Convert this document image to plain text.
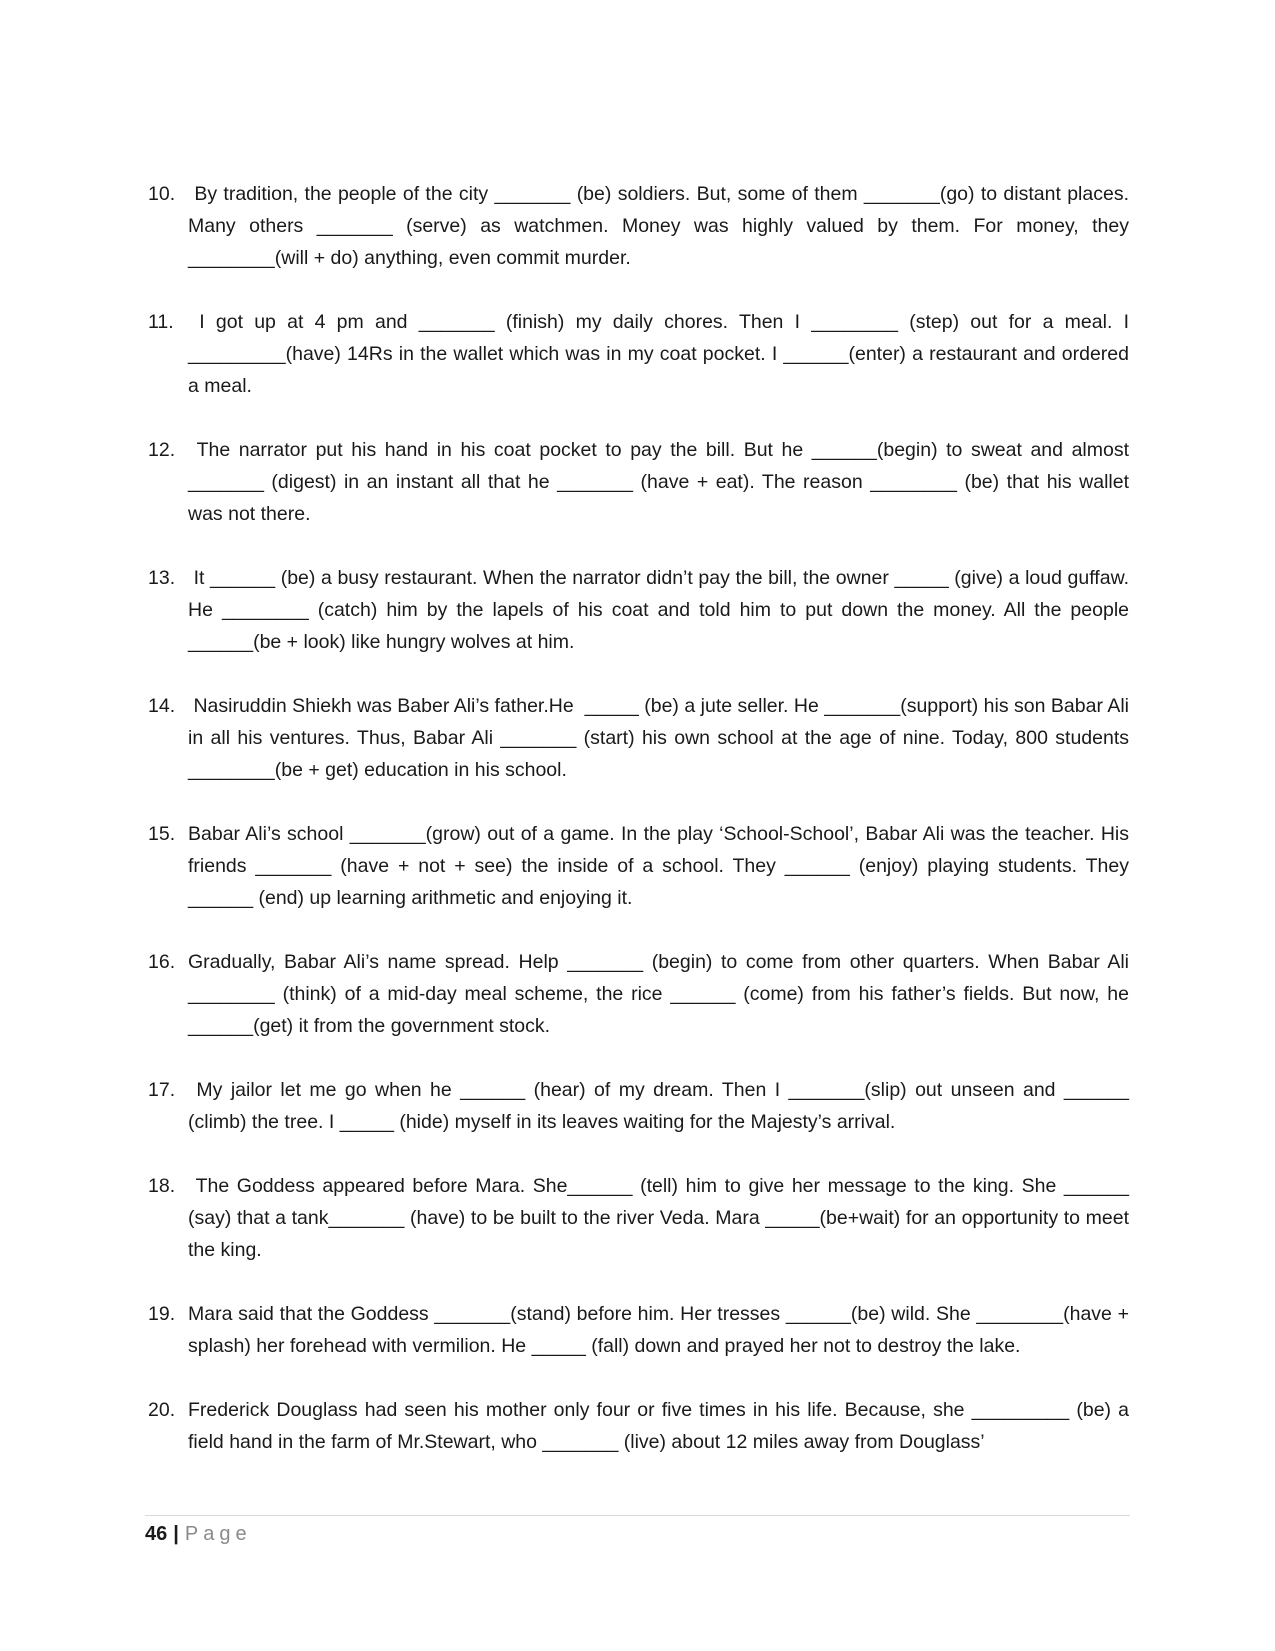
10. By tradition, the people of the city _______ (be) soldiers. But, some of them _______(go) to distant places. Many others _______ (serve) as watchmen. Money was highly valued by them. For money, they ________(will + do) anything, even commit murder.
11. I got up at 4 pm and _______ (finish) my daily chores. Then I ________ (step) out for a meal. I _________(have) 14Rs in the wallet which was in my coat pocket. I ______(enter) a restaurant and ordered a meal.
12. The narrator put his hand in his coat pocket to pay the bill. But he ______(begin) to sweat and almost _______ (digest) in an instant all that he _______ (have + eat). The reason ________ (be) that his wallet was not there.
13. It ______ (be) a busy restaurant. When the narrator didn’t pay the bill, the owner _____ (give) a loud guffaw. He ________ (catch) him by the lapels of his coat and told him to put down the money. All the people ______(be + look) like hungry wolves at him.
14. Nasiruddin Shiekh was Baber Ali’s father.He  _____ (be) a jute seller. He _______(support) his son Babar Ali in all his ventures. Thus, Babar Ali _______ (start) his own school at the age of nine. Today, 800 students ________(be + get) education in his school.
15. Babar Ali’s school _______(grow) out of a game. In the play ‘School-School’, Babar Ali was the teacher. His friends _______ (have + not + see) the inside of a school. They ______ (enjoy) playing students. They ______ (end) up learning arithmetic and enjoying it.
16. Gradually, Babar Ali’s name spread. Help _______ (begin) to come from other quarters. When Babar Ali ________ (think) of a mid-day meal scheme, the rice ______ (come) from his father’s fields. But now, he ______(get) it from the government stock.
17. My jailor let me go when he ______ (hear) of my dream. Then I _______(slip) out unseen and ______ (climb) the tree. I _____ (hide) myself in its leaves waiting for the Majesty’s arrival.
18. The Goddess appeared before Mara. She______ (tell) him to give her message to the king. She ______ (say) that a tank_______ (have) to be built to the river Veda. Mara _____(be+wait) for an opportunity to meet the king.
19. Mara said that the Goddess _______(stand) before him. Her tresses ______(be) wild. She ________(have + splash) her forehead with vermilion. He _____ (fall) down and prayed her not to destroy the lake.
20. Frederick Douglass had seen his mother only four or five times in his life. Because, she _________ (be) a field hand in the farm of Mr.Stewart, who _______ (live) about 12 miles away from Douglass’
46 | Page
